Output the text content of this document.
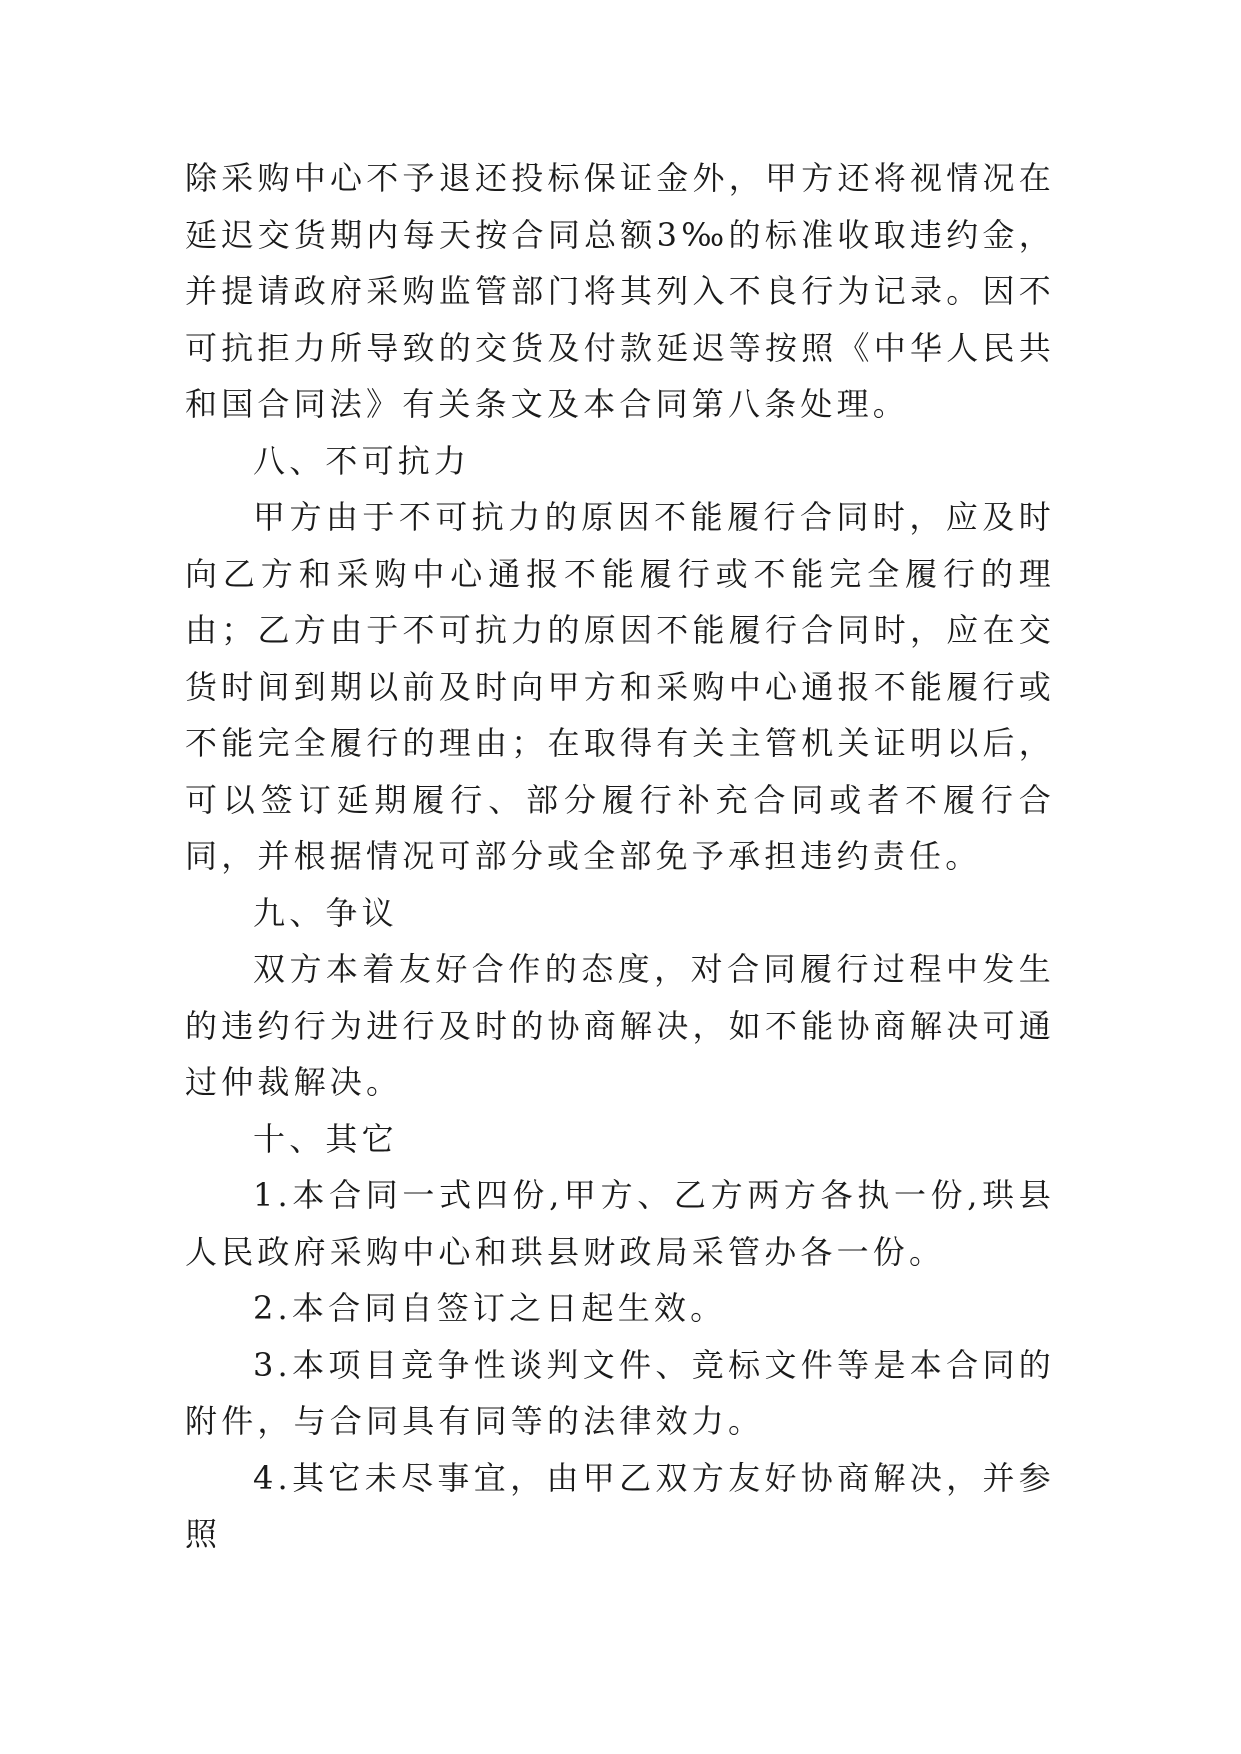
除采购中心不予退还投标保证金外，甲方还将视情况在延迟交货期内每天按合同总额3‰的标准收取违约金，并提请政府采购监管部门将其列入不良行为记录。因不可抗拒力所导致的交货及付款延迟等按照《中华人民共和国合同法》有关条文及本合同第八条处理。

八、不可抗力

甲方由于不可抗力的原因不能履行合同时，应及时向乙方和采购中心通报不能履行或不能完全履行的理由；乙方由于不可抗力的原因不能履行合同时，应在交货时间到期以前及时向甲方和采购中心通报不能履行或不能完全履行的理由；在取得有关主管机关证明以后，可以签订延期履行、部分履行补充合同或者不履行合同，并根据情况可部分或全部免予承担违约责任。

九、争议

双方本着友好合作的态度，对合同履行过程中发生的违约行为进行及时的协商解决，如不能协商解决可通过仲裁解决。

十、其它

1.本合同一式四份,甲方、乙方两方各执一份,珙县人民政府采购中心和珙县财政局采管办各一份。

2.本合同自签订之日起生效。

3.本项目竞争性谈判文件、竞标文件等是本合同的附件，与合同具有同等的法律效力。

4.其它未尽事宜，由甲乙双方友好协商解决，并参照
